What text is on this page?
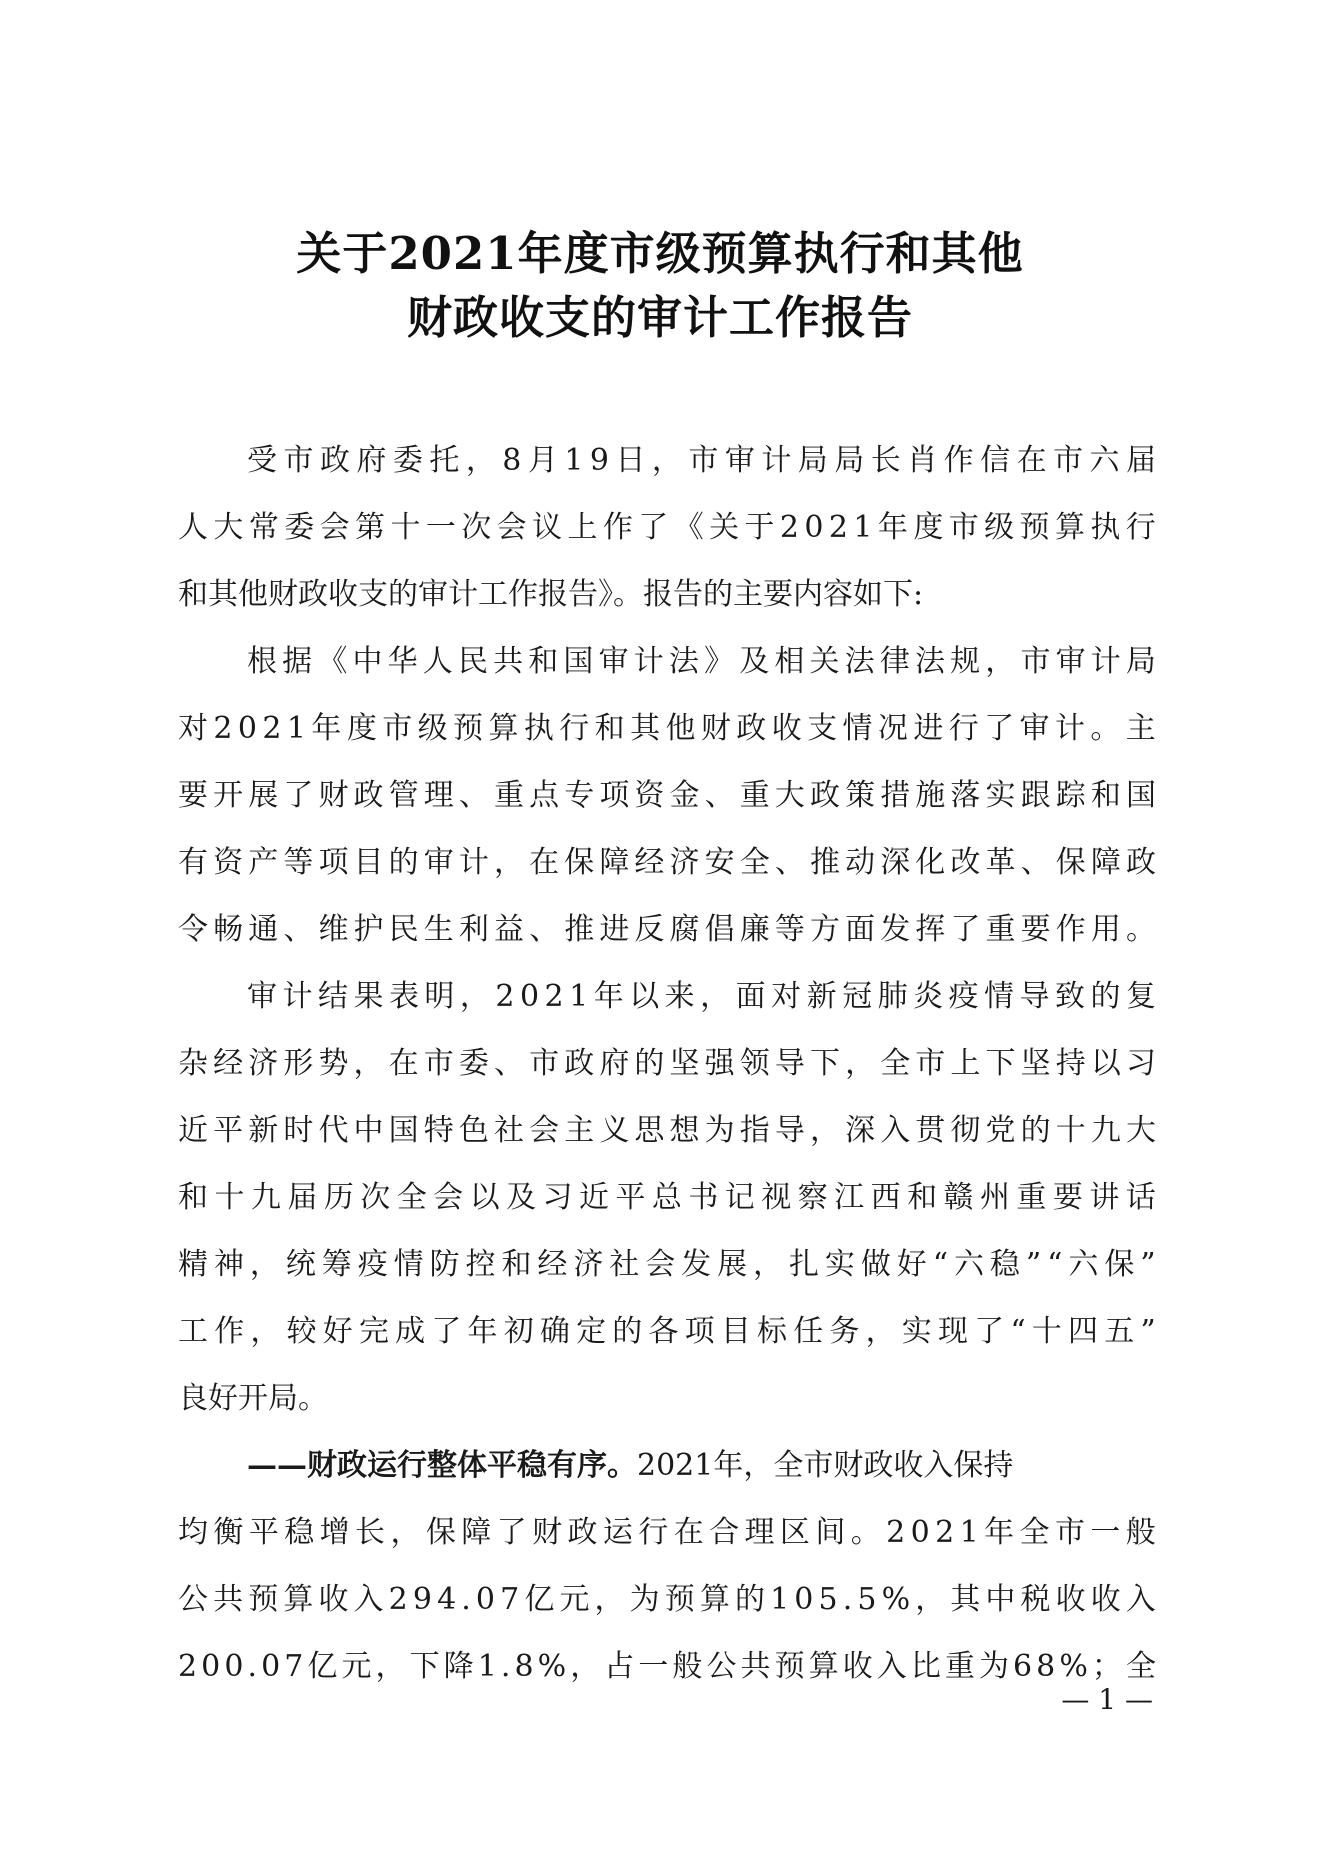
关于2021年度市级预算执行和其他
财政收支的审计工作报告
受 市 政 府 委 托 ， 8 月 1 9 日 ， 市 审 计 局 局 长 肖 作 信 在 市 六 届
人 大 常 委 会 第 十 一 次 会 议 上 作 了 《 关 于 2 0 2 1 年 度 市 级 预 算 执 行
和其他财政收支的审计工作报告》。报告的主要内容如下:
根 据 《 中 华 人 民 共 和 国 审 计 法 》 及 相 关 法 律 法 规 ， 市 审 计 局
对 2 0 2 1 年 度 市 级 预 算 执 行 和 其 他 财 政 收 支 情 况 进 行 了 审 计 。 主
要 开 展 了 财 政 管 理 、 重 点 专 项 资 金 、 重 大 政 策 措 施 落 实 跟 踪 和 国
有 资 产 等 项 目 的 审 计 ， 在 保 障 经 济 安 全 、 推 动 深 化 改 革 、 保 障 政
令 畅 通 、 维 护 民 生 利 益 、 推 进 反 腐 倡 廉 等 方 面 发 挥 了 重 要 作 用 。
审 计 结 果 表 明 ， 2 0 2 1 年 以 来 ， 面 对 新 冠 肺 炎 疫 情 导 致 的 复
杂 经 济 形 势 ， 在 市 委 、 市 政 府 的 坚 强 领 导 下 ， 全 市 上 下 坚 持 以 习
近 平 新 时 代 中 国 特 色 社 会 主 义 思 想 为 指 导 ， 深 入 贯 彻 党 的 十 九 大
和 十 九 届 历 次 全 会 以 及 习 近 平 总 书 记 视 察 江 西 和 赣 州 重 要 讲 话
精 神 ， 统 筹 疫 情 防 控 和 经 济 社 会 发 展 ， 扎 实 做 好 “ 六 稳 ” “ 六 保 ”
工 作 ， 较 好 完 成 了 年 初 确 定 的 各 项 目 标 任 务 ， 实 现 了 “ 十 四 五 ”
良好开局。
——财政运行整体平稳有序。 2021年，全市财政收入保持
均 衡 平 稳 增 长 ， 保 障 了 财 政 运 行 在 合 理 区 间 。 2 0 2 1 年 全 市 一 般
公 共 预 算 收 入 2 9 4 . 0 7 亿 元 ， 为 预 算 的 1 0 5 . 5 % ， 其 中 税 收 收 入
2 0 0 . 0 7 亿 元 ， 下 降 1 . 8 % ， 占 一 般 公 共 预 算 收 入 比 重 为 6 8 % ； 全
— 1 —
